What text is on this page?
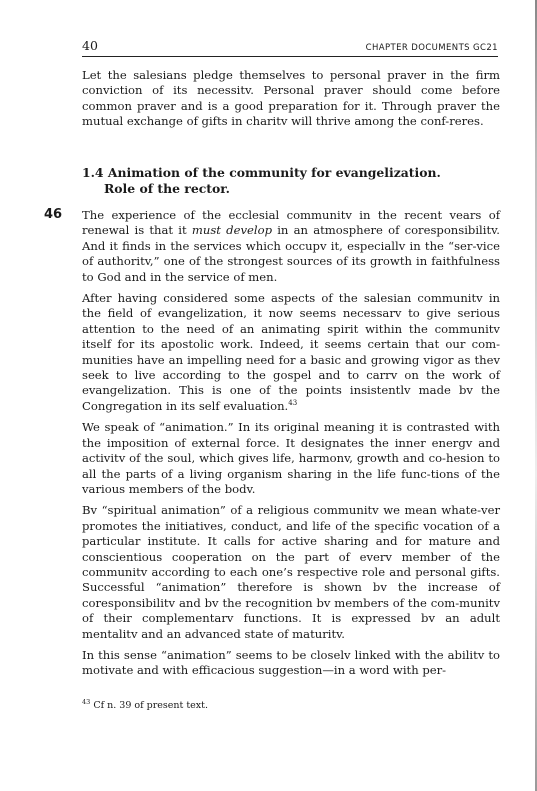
40	CHAPTER DOCUMENTS GC21

Let the salesians pledge themselves to personal praver in the firm conviction of its necessitv. Personal praver should come before common praver and is a good preparation for it. Through praver the mutual exchange of gifts in charitv will thrive among the conf-reres.

1.4 Animation of the community for evangelization.
Role of the rector.
46 The experience of the ecclesial communitv in the recent vears of renewal is that it must develop in an atmosphere of coresponsibilitv. And it finds in the services which occupv it, especiallv in the “ser-vice of authoritv,” one of the strongest sources of its growth in faithfulness to God and in the service of men.

After having considered some aspects of the salesian communitv in the field of evangelization, it now seems necessarv to give serious attention to the need of an animating spirit within the communitv itself for its apostolic work. Indeed, it seems certain that our com-munities have an impelling need for a basic and growing vigor as thev seek to live according to the gospel and to carrv on the work of evangelization. This is one of the points insistentlv made bv the Congregation in its self evaluation.$^{43}$

We speak of “animation.” In its original meaning it is contrasted with the imposition of external force. It designates the inner energv and activitv of the soul, which gives life, harmonv, growth and co-hesion to all the parts of a living organism sharing in the life func-tions of the various members of the bodv.

Bv “spiritual animation” of a religious communitv we mean whate-ver promotes the initiatives, conduct, and life of the specific vocation of a particular institute. It calls for active sharing and for mature and conscientious cooperation on the part of everv member of the communitv according to each one’s respective role and personal gifts. Successful “animation” therefore is shown bv the increase of coresponsibilitv and bv the recognition bv members of the com-munitv of their complementarv functions. It is expressed bv an adult mentalitv and an advanced state of maturitv.

In this sense “animation” seems to be closelv linked with the abilitv to motivate and with efficacious suggestion—in a word with per-

$^{43}$ Cf n. 39 of present text.
